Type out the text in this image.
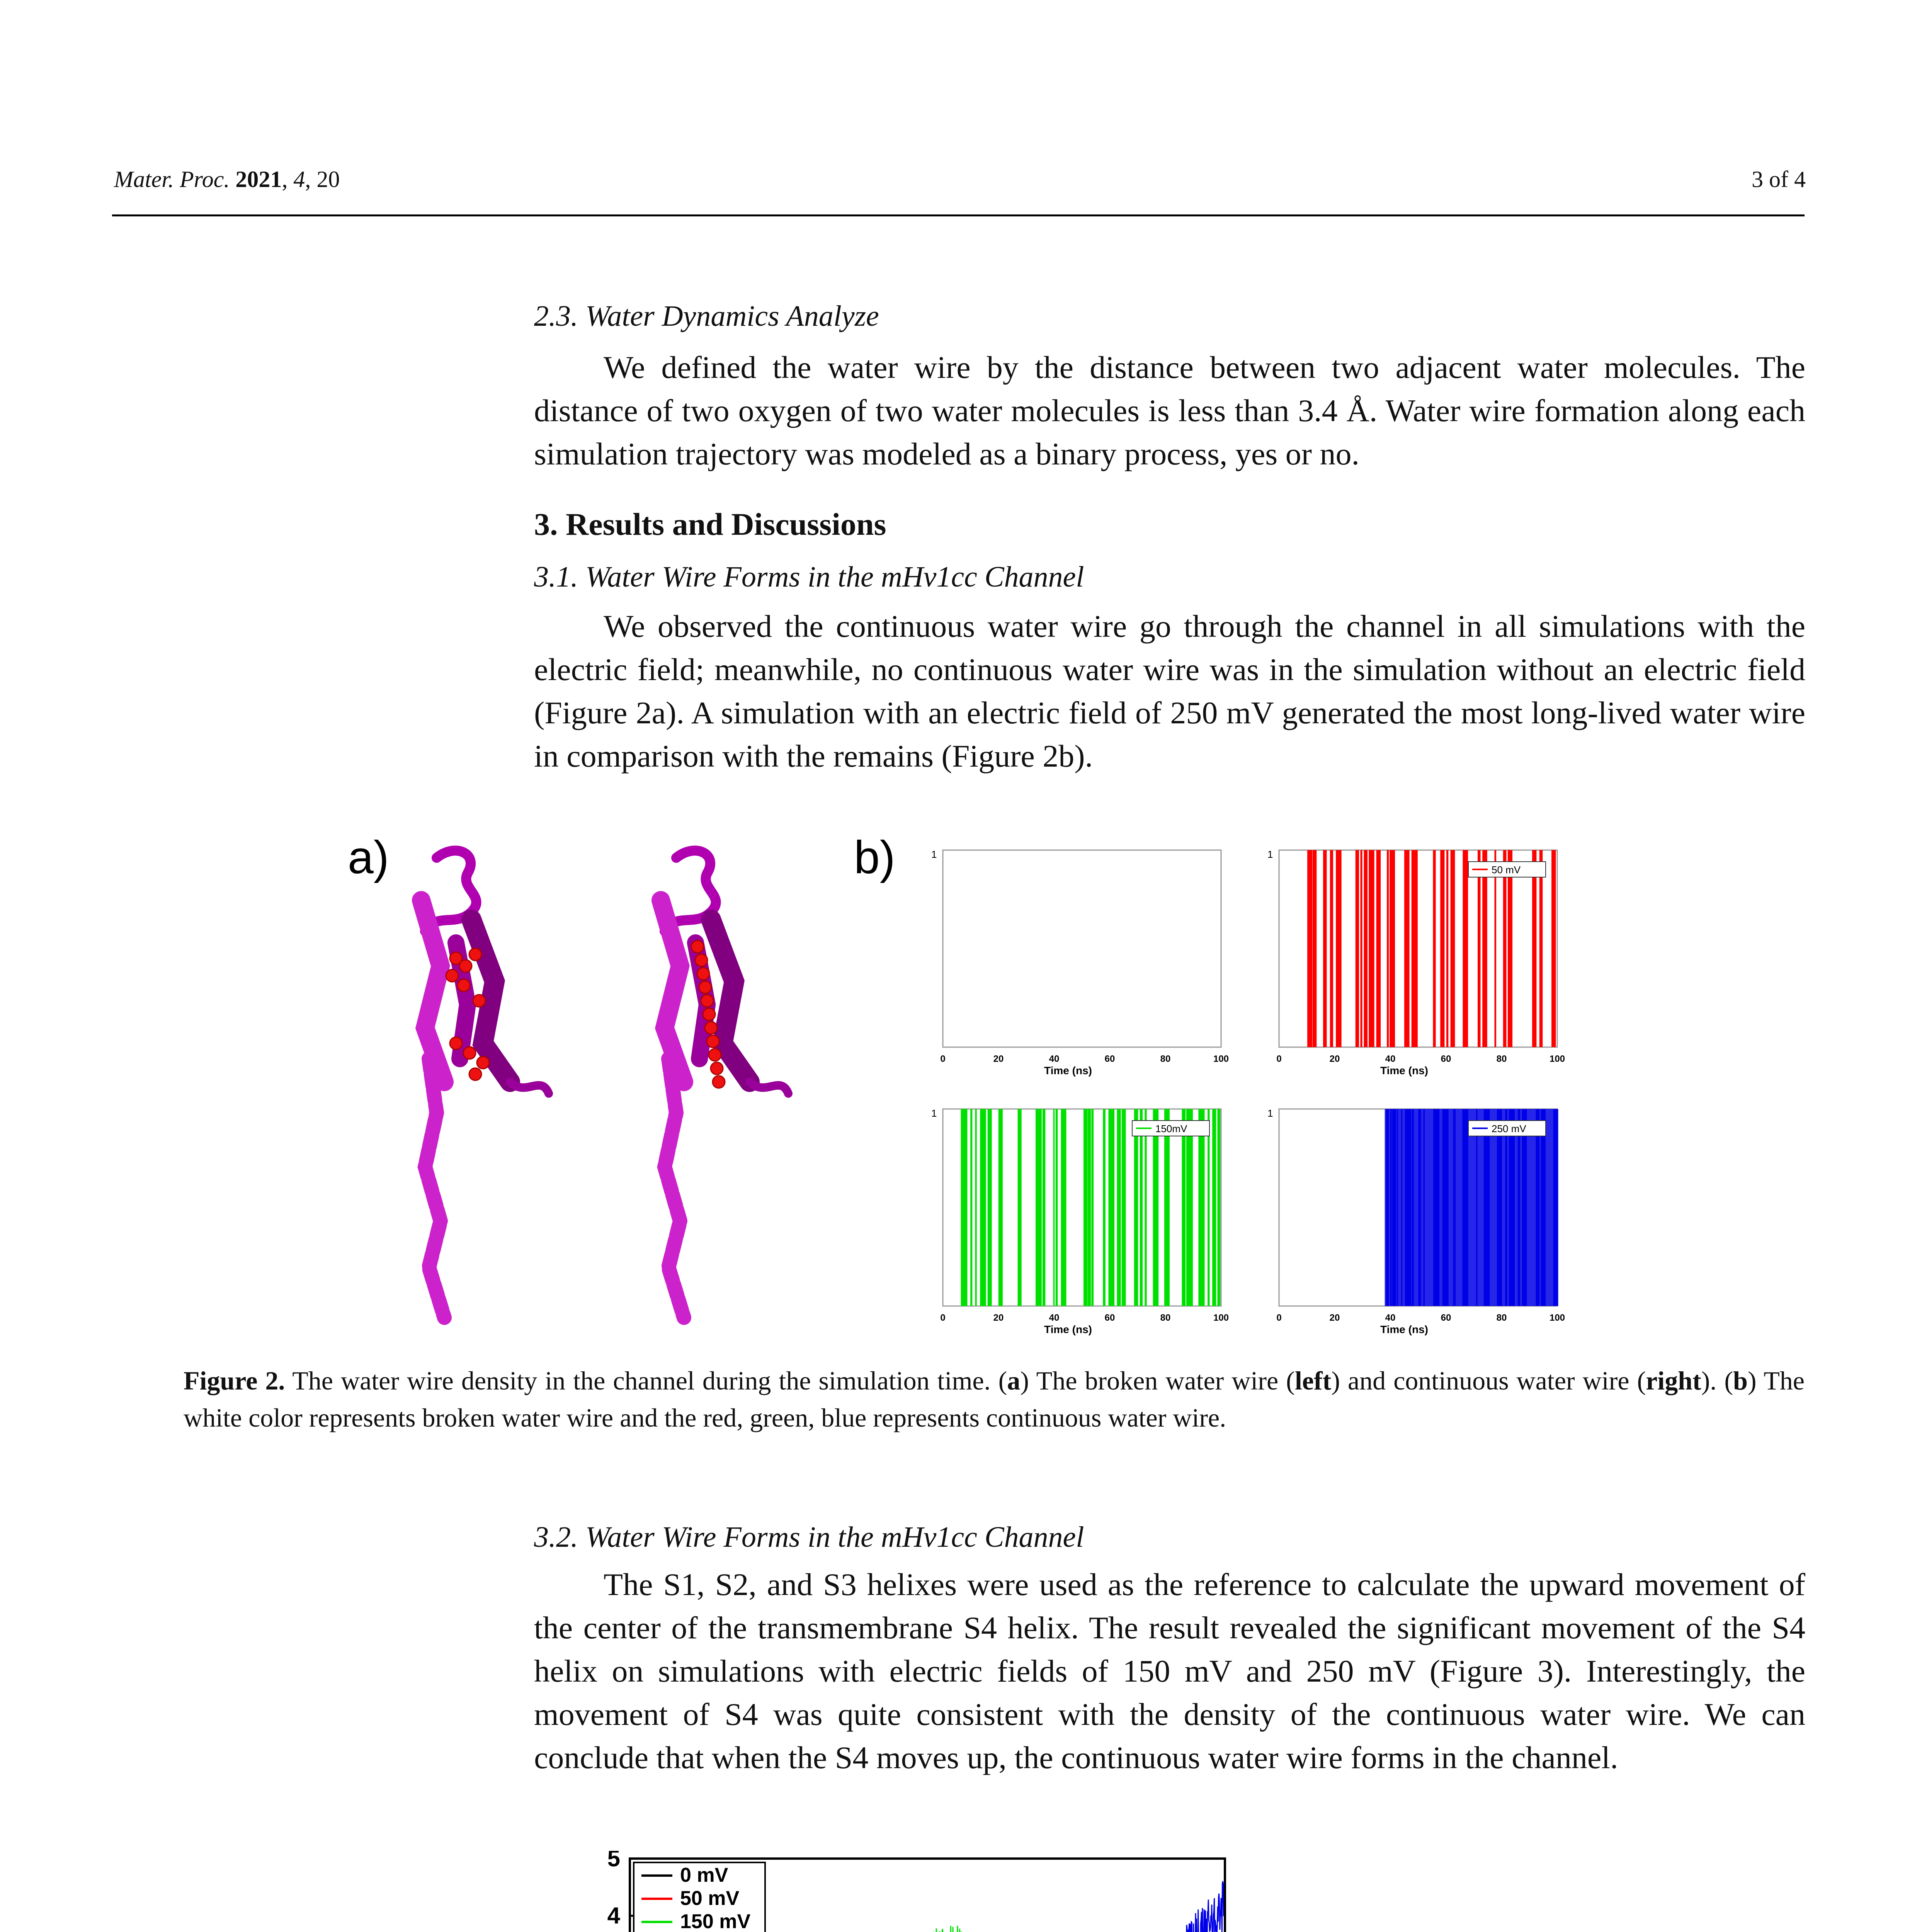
Mater. Proc. 2021, 4, 20	3 of 4
2.3. Water Dynamics Analyze

We defined the water wire by the distance between two adjacent water molecules. The distance of two oxygen of two water molecules is less than 3.4 Å. Water wire formation along each simulation trajectory was modeled as a binary process, yes or no.

3. Results and Discussions
3.1. Water Wire Forms in the mHv1cc Channel

We observed the continuous water wire go through the channel in all simulations with the electric field; meanwhile, no continuous water wire was in the simulation without an electric field (Figure 2a). A simulation with an electric field of 250 mV generated the most long-lived water wire in comparison with the remains (Figure 2b).

a)	b)	1
0	20	40	60	80	100
Time (ns)
50 mV
1
0	20	40	60	80	100
Time (ns)
150mV
1
0	20	40	60	80	100
Time (ns)
250 mV
1
0	20	40	60	80	100
Time (ns)
Figure 2. The water wire density in the channel during the simulation time. (a) The broken water wire (left) and continuous water wire (right). (b) The white color represents broken water wire and the red, green, blue represents continuous water wire.
3.2. Water Wire Forms in the mHv1cc Channel

The S1, S2, and S3 helixes were used as the reference to calculate the upward movement of the center of the transmembrane S4 helix. The result revealed the significant movement of the S4 helix on simulations with electric fields of 150 mV and 250 mV (Figure 3). Interestingly, the movement of S4 was quite consistent with the density of the continuous water wire. We can conclude that when the S4 moves up, the continuous water wire forms in the channel.

4
5
0 mV
50 mV
150 mV
